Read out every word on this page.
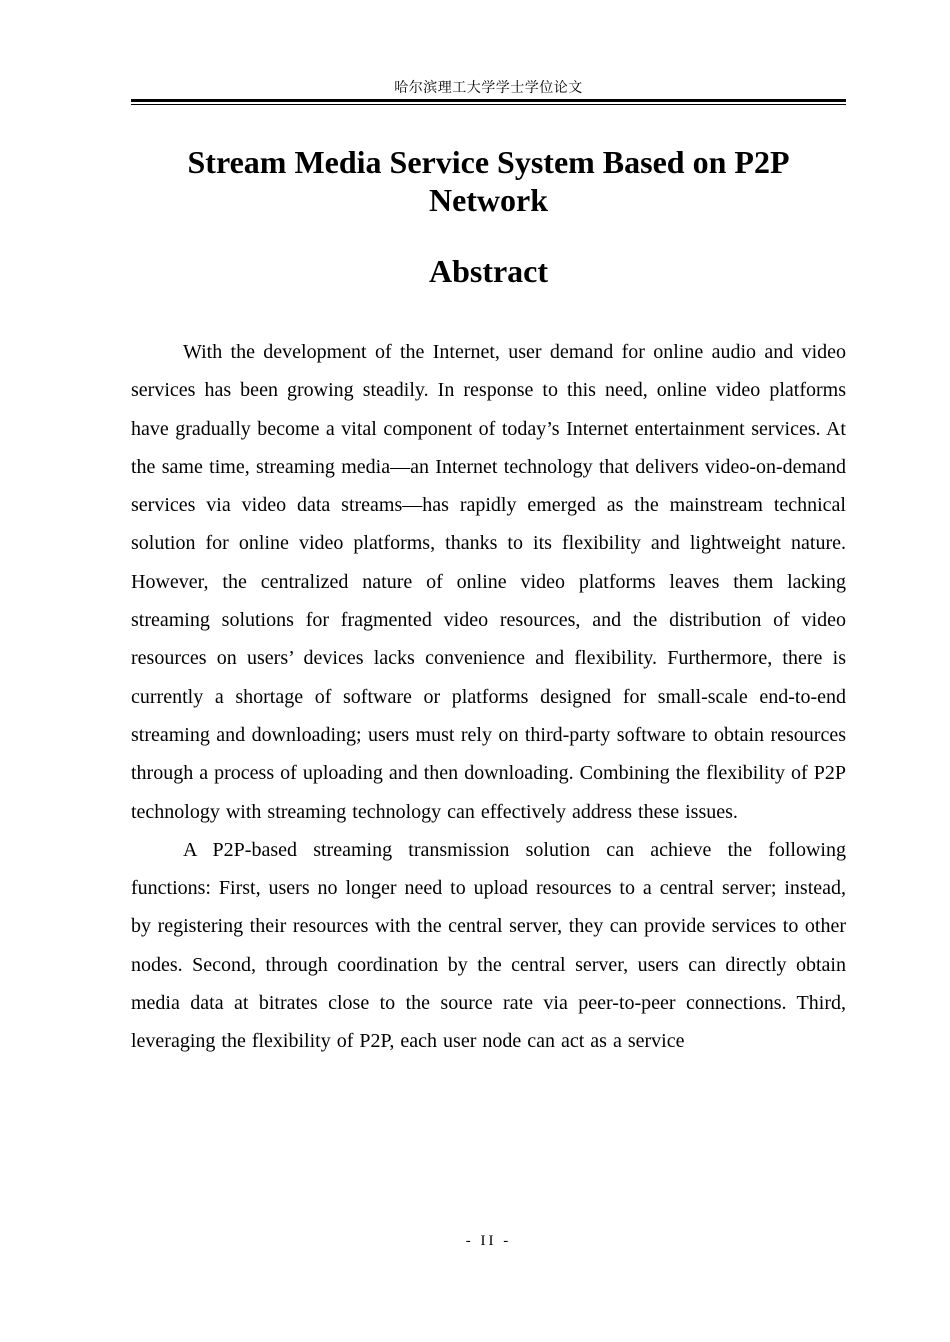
哈尔滨理工大学学士学位论文
Stream Media Service System Based on P2P Network
Abstract

With the development of the Internet, user demand for online audio and video services has been growing steadily. In response to this need, online video platforms have gradually become a vital component of today’s Internet entertainment services. At the same time, streaming media—an Internet technology that delivers video-on-demand services via video data streams—has rapidly emerged as the mainstream technical solution for online video platforms, thanks to its flexibility and lightweight nature. However, the centralized nature of online video platforms leaves them lacking streaming solutions for fragmented video resources, and the distribution of video resources on users’ devices lacks convenience and flexibility. Furthermore, there is currently a shortage of software or platforms designed for small-scale end-to-end streaming and downloading; users must rely on third-party software to obtain resources through a process of uploading and then downloading. Combining the flexibility of P2P technology with streaming technology can effectively address these issues.

A P2P-based streaming transmission solution can achieve the following functions: First, users no longer need to upload resources to a central server; instead, by registering their resources with the central server, they can provide services to other nodes. Second, through coordination by the central server, users can directly obtain media data at bitrates close to the source rate via peer-to-peer connections. Third, leveraging the flexibility of P2P, each user node can act as a service

- II -
